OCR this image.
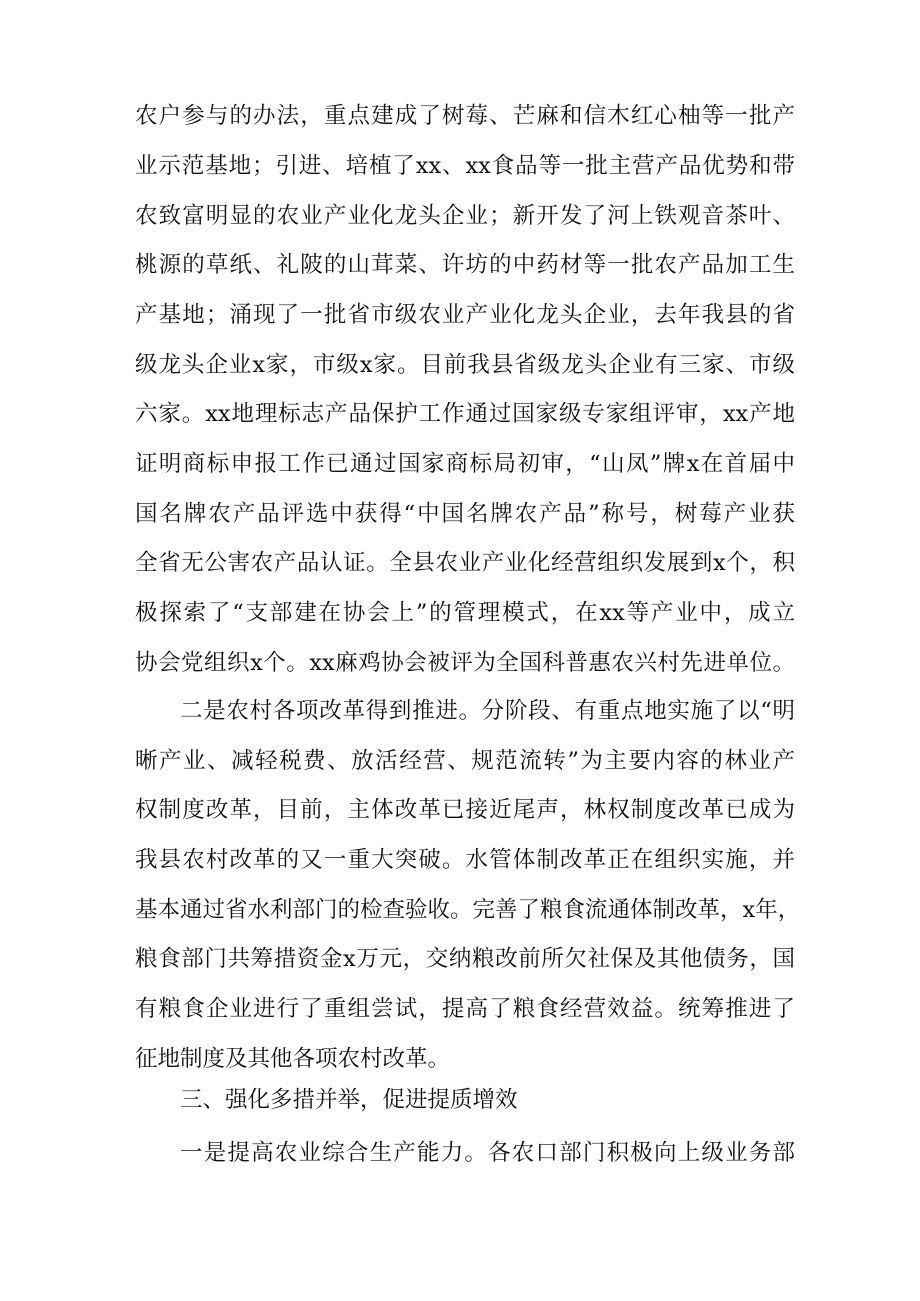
农户参与的办法，重点建成了树莓、芒麻和信木红心柚等一批产
业示范基地；引进、培植了xx、xx食品等一批主营产品优势和带
农致富明显的农业产业化龙头企业；新开发了河上铁观音茶叶、
桃源的草纸、礼陂的山茸菜、许坊的中药材等一批农产品加工生
产基地；涌现了一批省市级农业产业化龙头企业，去年我县的省
级龙头企业x家，市级x家。目前我县省级龙头企业有三家、市级
六家。xx地理标志产品保护工作通过国家级专家组评审，xx产地
证明商标申报工作已通过国家商标局初审，“山凤”牌x在首届中
国名牌农产品评选中获得“中国名牌农产品”称号，树莓产业获
全省无公害农产品认证。全县农业产业化经营组织发展到x个，积
极探索了“支部建在协会上”的管理模式，在xx等产业中，成立
协会党组织x个。xx麻鸡协会被评为全国科普惠农兴村先进单位。
二是农村各项改革得到推进。分阶段、有重点地实施了以“明
晰产业、减轻税费、放活经营、规范流转”为主要内容的林业产
权制度改革，目前，主体改革已接近尾声，林权制度改革已成为
我县农村改革的又一重大突破。水管体制改革正在组织实施，并
基本通过省水利部门的检查验收。完善了粮食流通体制改革，x年，
粮食部门共筹措资金x万元，交纳粮改前所欠社保及其他债务，国
有粮食企业进行了重组尝试，提高了粮食经营效益。统筹推进了
征地制度及其他各项农村改革。
三、强化多措并举，促进提质增效
一是提高农业综合生产能力。各农口部门积极向上级业务部
